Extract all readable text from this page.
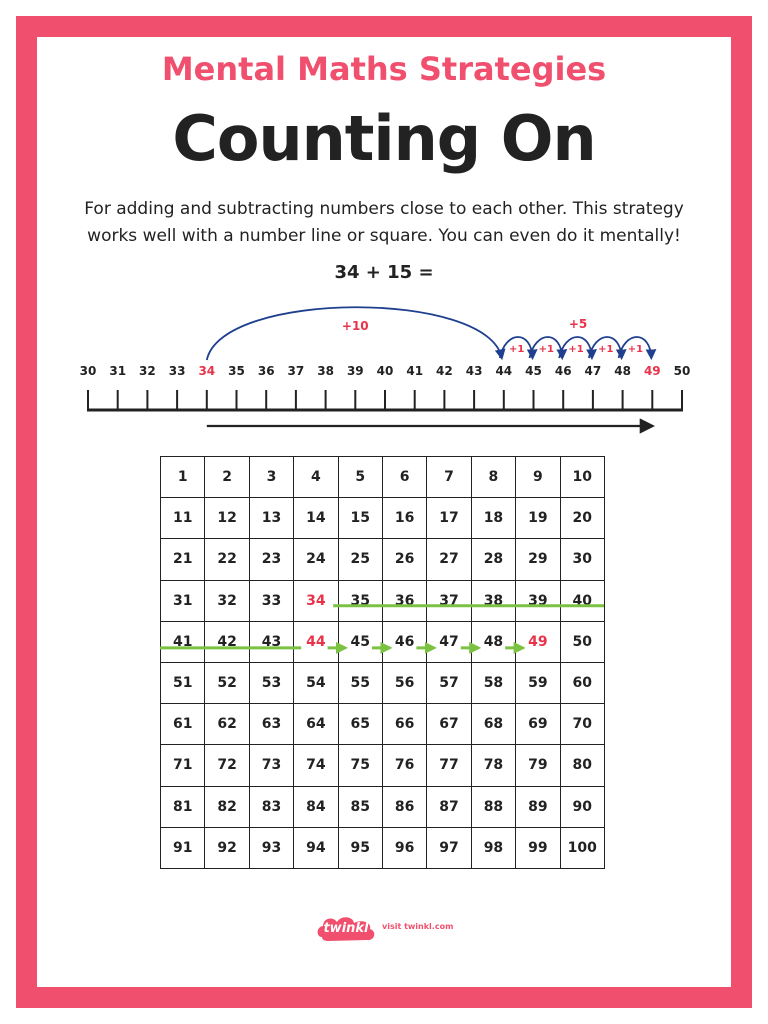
Mental Maths Strategies
Counting On
For adding and subtracting numbers close to each other. This strategy works well with a number line or square. You can even do it mentally!
34 + 15 =
30 31 32 33 34 35 36 37 38 39 40 41 42 43 44 45 46 47 48 49 50
+10
+1 +1 +1 +1 +1
+5
1	2	3	4	5	6	7	8	9	10
11	12	13	14	15	16	17	18	19	20
21	22	23	24	25	26	27	28	29	30
31	32	33	34	35	36	37	38	39	40
41	42	43	44	45	46	47	48	49	50
51	52	53	54	55	56	57	58	59	60
61	62	63	64	65	66	67	68	69	70
71	72	73	74	75	76	77	78	79	80
81	82	83	84	85	86	87	88	89	90
91	92	93	94	95	96	97	98	99	100
twinkl	visit twinkl.com
